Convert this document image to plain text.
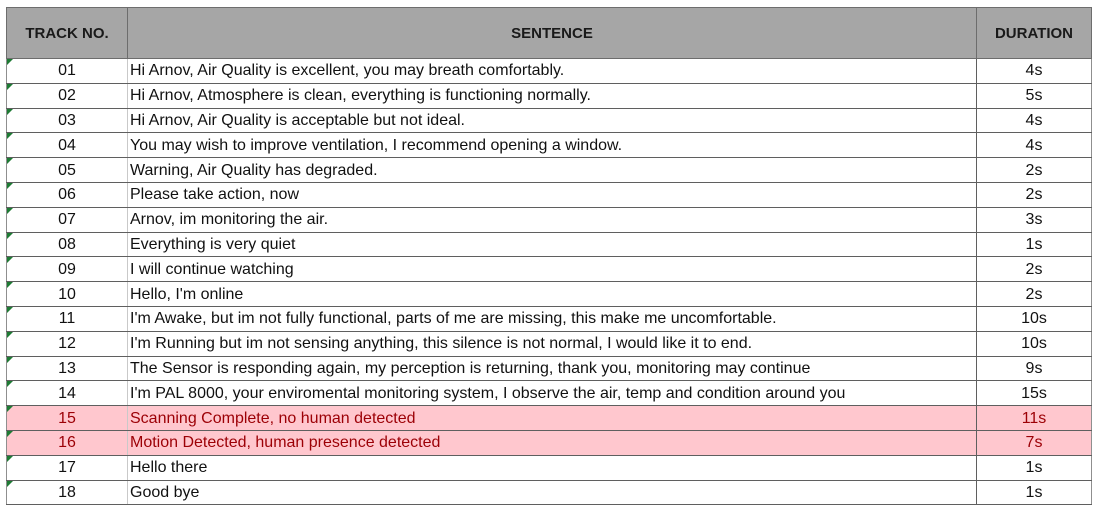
TRACK NO.	SENTENCE	DURATION

01	Hi Arnov, Air Quality is excellent, you may breath comfortably.	4s

02	Hi Arnov, Atmosphere is clean, everything is functioning normally.	5s

03	Hi Arnov, Air Quality is acceptable but not ideal.	4s

04	You may wish to improve ventilation, I recommend opening a window.	4s

05	Warning, Air Quality has degraded.	2s

06	Please take action, now	2s

07	Arnov, im monitoring the air.	3s

08	Everything is very quiet	1s

09	I will continue watching	2s

10	Hello, I'm online	2s

11	I'm Awake, but im not fully functional, parts of me are missing, this make me uncomfortable.	10s

12	I'm Running but im not sensing anything, this silence is not normal, I would like it to end.	10s

13	The Sensor is responding again, my perception is returning, thank you, monitoring may continue	9s

14	I'm PAL 8000, your enviromental monitoring system, I observe the air, temp and condition around you	15s

15	Scanning Complete, no human detected	11s

16	Motion Detected, human presence detected	7s

17	Hello there	1s

18	Good bye	1s
